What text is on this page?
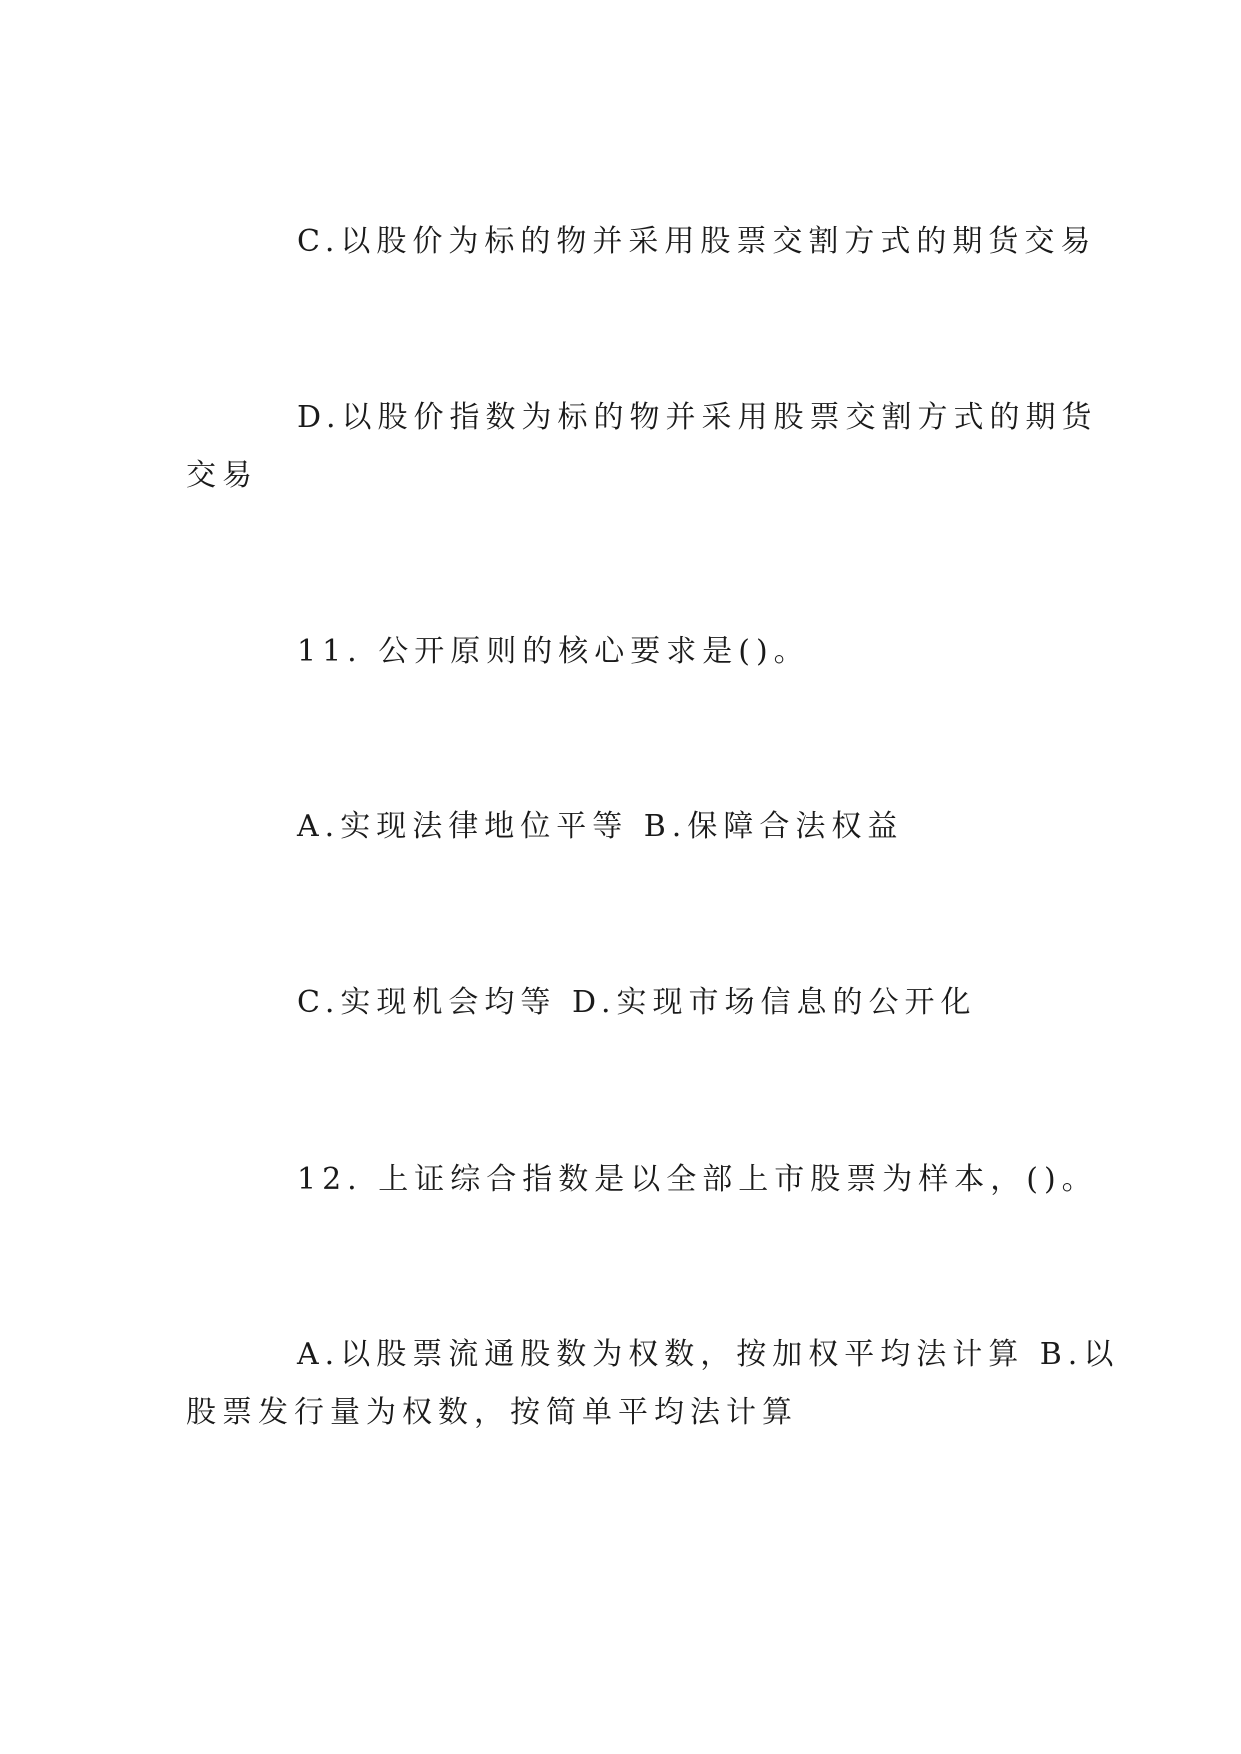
C.以股价为标的物并采用股票交割方式的期货交易

D.以股价指数为标的物并采用股票交割方式的期货

交易

11. 公开原则的核心要求是()。

A.实现法律地位平等 B.保障合法权益

C.实现机会均等 D.实现市场信息的公开化

12. 上证综合指数是以全部上市股票为样本，()。

A.以股票流通股数为权数，按加权平均法计算 B.以

股票发行量为权数，按简单平均法计算
